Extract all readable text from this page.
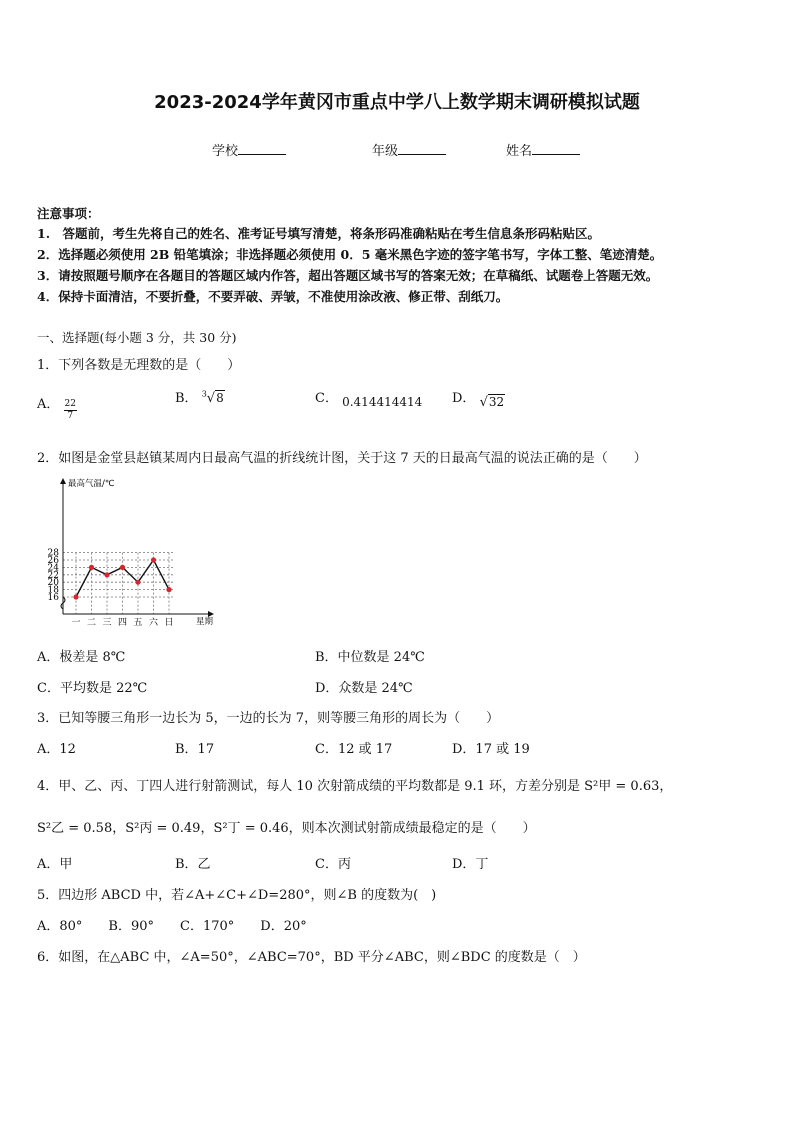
2023-2024学年黄冈市重点中学八上数学期末调研模拟试题
学校	年级	姓名
注意事项：
1.　答题前，考生先将自己的姓名、准考证号填写清楚，将条形码准确粘贴在考生信息条形码粘贴区。
2．选择题必须使用 2B 铅笔填涂；非选择题必须使用 0．5 毫米黑色字迹的签字笔书写，字体工整、笔迹清楚。
3．请按照题号顺序在各题目的答题区域内作答，超出答题区域书写的答案无效；在草稿纸、试题卷上答题无效。
4．保持卡面清洁，不要折叠，不要弄破、弄皱，不准使用涂改液、修正带、刮纸刀。
一、选择题(每小题 3 分，共 30 分)
1．下列各数是无理数的是（　　）
A． $\frac{22}{7}$
B． $^3$√8	C． 0.414414414 D． √32
2．如图是金堂县赵镇某周内日最高气温的折线统计图，关于这 7 天的日最高气温的说法正确的是（　　）
最高气温/℃
星期
16
18
20
22
24
26
28
一 二 三 四 五 六 日
A．极差是 8℃	B．中位数是 24℃
C．平均数是 22℃	D．众数是 24℃
3．已知等腰三角形一边长为 5，一边的长为 7，则等腰三角形的周长为（　　）
A．12	B．17	C．12 或 17	D．17 或 19
4．甲、乙、丙、丁四人进行射箭测试，每人 10 次射箭成绩的平均数都是 9.1 环，方差分别是 S²甲 = 0.63，
S²乙 = 0.58，S²丙 = 0.49，S²丁 = 0.46，则本次测试射箭成绩最稳定的是（　　）
A．甲	B．乙	C．丙	D．丁
5．四边形 ABCD 中，若∠A+∠C+∠D=280°，则∠B 的度数为(　)
A．80°　　B．90°　　C．170°　　D．20°
6．如图，在△ABC 中，∠A=50°，∠ABC=70°，BD 平分∠ABC，则∠BDC 的度数是（　）
